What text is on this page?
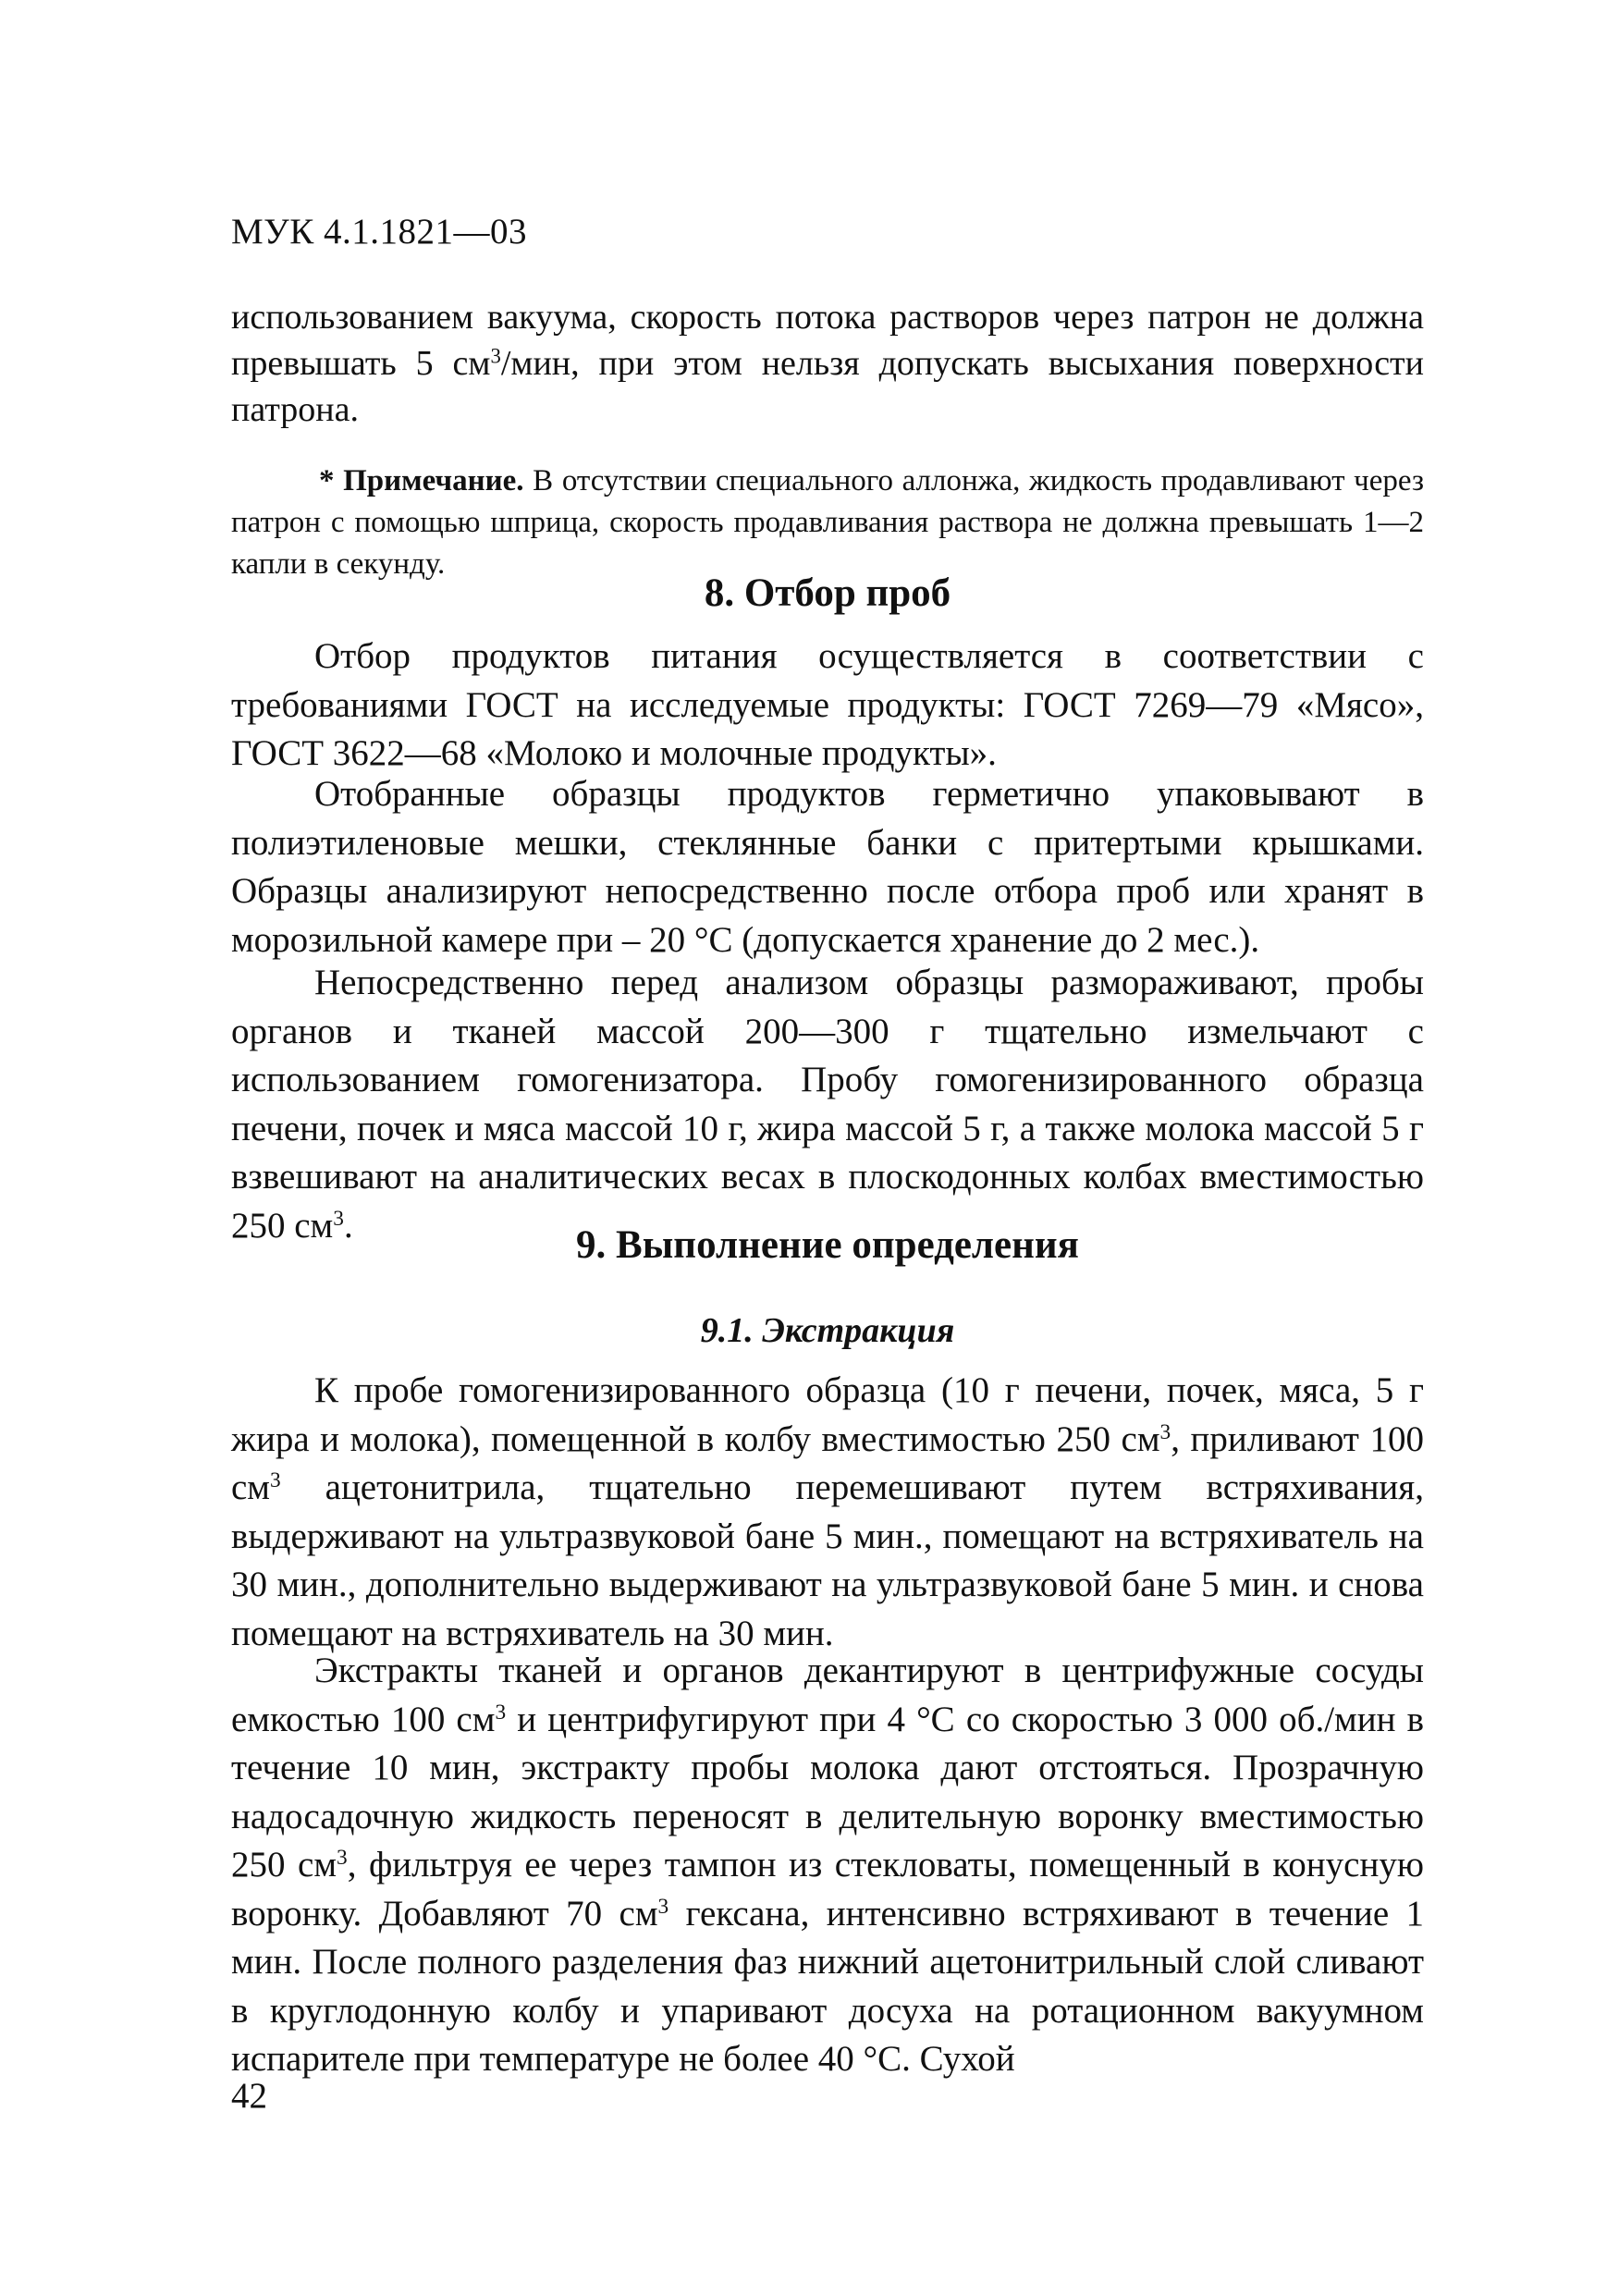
МУК 4.1.1821—03

использованием вакуума, скорость потока растворов через патрон не должна превышать 5 $см^3$/мин, при этом нельзя допускать высыхания поверхности патрона.

* Примечание. В отсутствии специального аллонжа, жидкость продавливают через патрон с помощью шприца, скорость продавливания раствора не должна превышать 1—2 капли в секунду.

8. Отбор проб

Отбор продуктов питания осуществляется в соответствии с требованиями ГОСТ на исследуемые продукты: ГОСТ 7269—79 «Мясо», ГОСТ 3622—68 «Молоко и молочные продукты».

Отобранные образцы продуктов герметично упаковывают в полиэтиленовые мешки, стеклянные банки с притертыми крышками. Образцы анализируют непосредственно после отбора проб или хранят в морозильной камере при – 20 °С (допускается хранение до 2 мес.).

Непосредственно перед анализом образцы размораживают, пробы органов и тканей массой 200—300 г тщательно измельчают с использованием гомогенизатора. Пробу гомогенизированного образца печени, почек и мяса массой 10 г, жира массой 5 г, а также молока массой 5 г взвешивают на аналитических весах в плоскодонных колбах вместимостью 250 $см^3$.	9. Выполнение определения
9.1. Экстракция

К пробе гомогенизированного образца (10 г печени, почек, мяса, 5 г жира и молока), помещенной в колбу вместимостью 250 $см^3$, приливают 100 $см^3$ ацетонитрила, тщательно перемешивают путем встряхивания, выдерживают на ультразвуковой бане 5 мин., помещают на встряхиватель на 30 мин., дополнительно выдерживают на ультразвуковой бане 5 мин. и снова помещают на встряхиватель на 30 мин.

Экстракты тканей и органов декантируют в центрифужные сосуды емкостью 100 $см^3$ и центрифугируют при 4 °С со скоростью 3 000 об./мин в течение 10 мин, экстракту пробы молока дают отстояться. Прозрачную надосадочную жидкость переносят в делительную воронку вместимостью 250 $см^3$, фильтруя ее через тампон из стекловаты, помещенный в конусную воронку. Добавляют 70 $см^3$ гексана, интенсивно встряхивают в течение 1 мин. После полного разделения фаз нижний ацетонитрильный слой сливают в круглодонную колбу и упаривают досуха на ротационном вакуумном испарителе при температуре не более 40 °С. Сухой

42
